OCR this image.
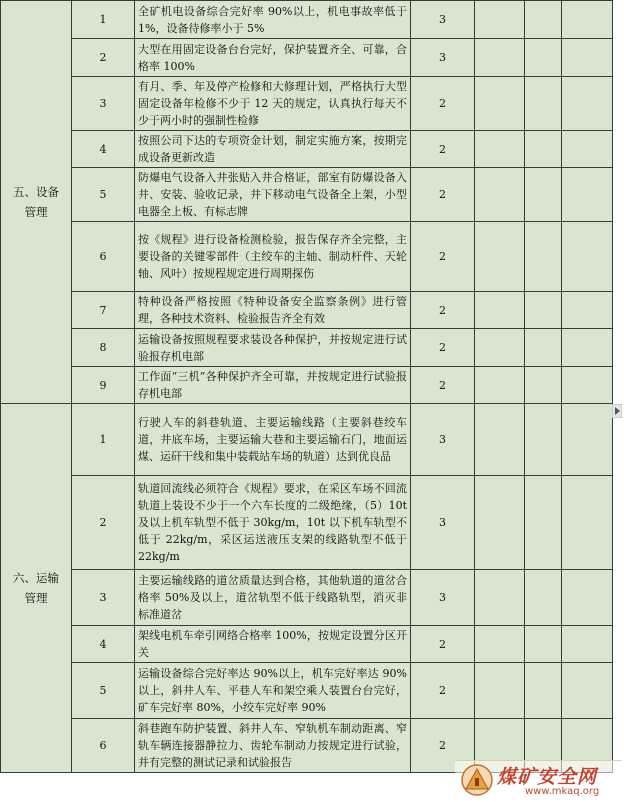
五、设备
管理	1	全矿机电设备综合完好率 90%以上，机电事故率低于 1%，设备待修率小于 5%	3			
	2	大型在用固定设备台台完好，保护装置齐全、可靠，合格率 100%	3			
	3	有月、季、年及停产检修和大修理计划，严格执行大型固定设备年检修不少于 12 天的规定，认真执行每天不少于两小时的强制性检修	2			
	4	按照公司下达的专项资金计划，制定实施方案，按期完成设备更新改造	2			
	5	防爆电气设备入井张贴入井合格证，部室有防爆设备入井、安装、验收记录，井下移动电气设备全上架，小型电器全上板、有标志牌	2			
	6	按《规程》进行设备检测检验，报告保存齐全完整，主要设备的关键零部件（主绞车的主轴、制动杆件、天轮轴、风叶）按规程规定进行周期探伤	2			
	7	特种设备严格按照《特种设备安全监察条例》进行管理，各种技术资料、检验报告齐全有效	2			
	8	运输设备按照规程要求装设各种保护，并按规定进行试验报存机电部	2			
	9	工作面“三机”各种保护齐全可靠，并按规定进行试验报存机电部	2			
六、运输
管理	1	行驶人车的斜巷轨道、主要运输线路（主要斜巷绞车道，井底车场，主要运输大巷和主要运输石门，地面运煤、运矸干线和集中装载站车场的轨道）达到优良品	3			
	2	轨道回流线必须符合《规程》要求，在采区车场不回流轨道上装设不少于一个六车长度的二级绝缘，（5）10t 及以上机车轨型不低于 30kg/m，10t 以下机车轨型不低于 22kg/m，采区运送液压支架的线路轨型不低于 22kg/m	3			
	3	主要运输线路的道岔质量达到合格，其他轨道的道岔合格率 50%及以上，道岔轨型不低于线路轨型，消灭非标准道岔	3			
	4	架线电机车牵引网络合格率 100%，按规定设置分区开关	2			
	5	运输设备综合完好率达 90%以上，机车完好率达 90% 以上，斜井人车、平巷人车和架空乘人装置台台完好，矿车完好率 80%，小绞车完好率 90%	2			
	6	斜巷跑车防护装置、斜井人车、窄轨机车制动距离、窄轨车辆连接器静拉力、齿轮车制动力按规定进行试验，并有完整的测试记录和试验报告	2			
煤矿安全网
www.mkaq.org
